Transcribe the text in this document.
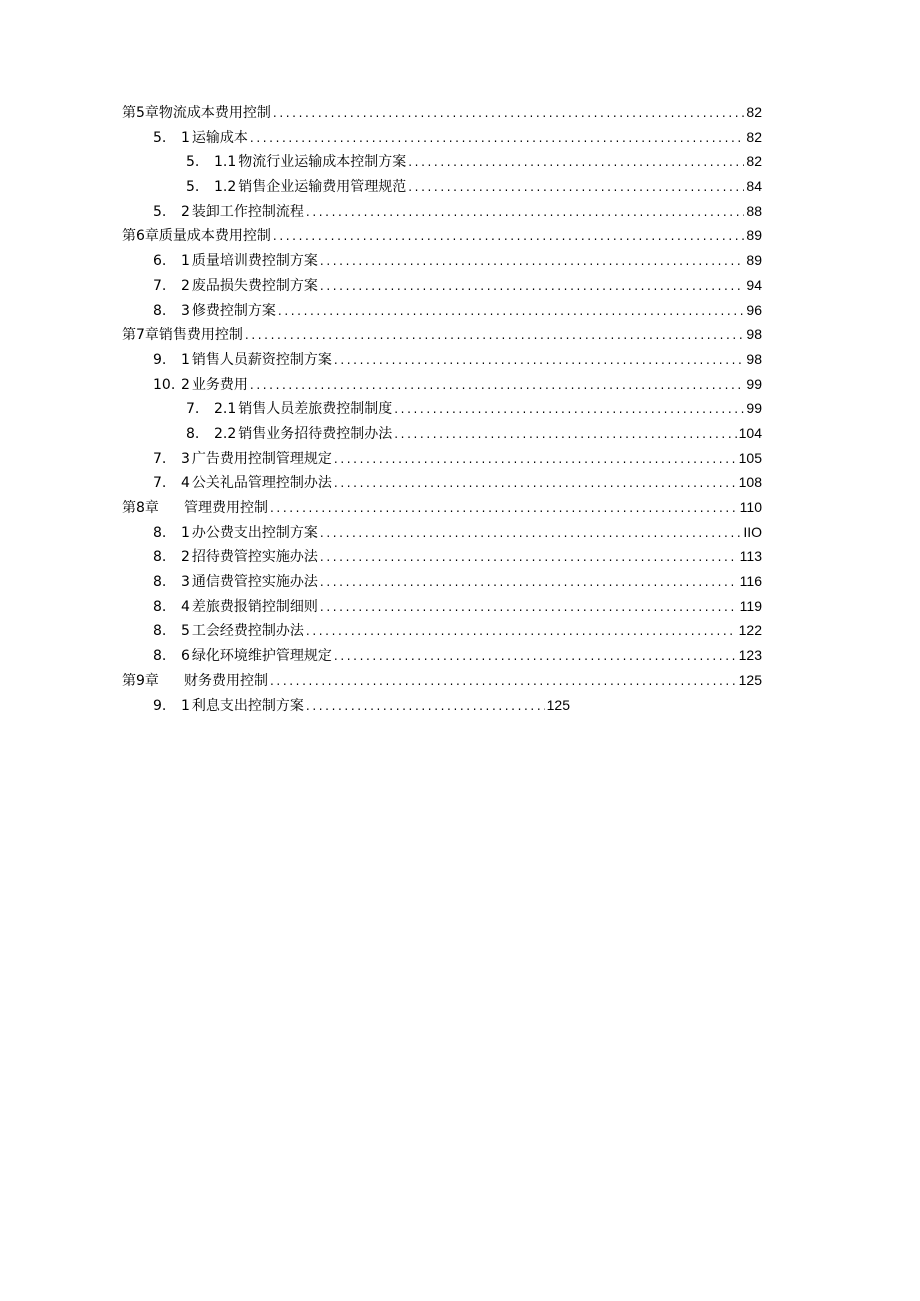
第5章物流成本费用控制 .....	82
5. 1 运输成本 .....	82
5. 1.1 物流行业运输成本控制方案 .....	82
5. 1.2 销售企业运输费用管理规范 .....	84
5. 2 装卸工作控制流程 .....	88
第6章质量成本费用控制 .....	89
6. 1 质量培训费控制方案 .....	89
7. 2 废品损失费控制方案 .....	94
8. 3 修费控制方案 .....	96
第7章销售费用控制 .....	98
9. 1 销售人员薪资控制方案 .....	98
10. 2 业务费用 .....	99
7. 2.1 销售人员差旅费控制制度 .....	99
8. 2.2 销售业务招待费控制办法 .....	104
7. 3 广告费用控制管理规定 .....	105
7. 4 公关礼品管理控制办法 .....	108
第8章 管理费用控制 .....	110
8. 1 办公费支出控制方案 .....	IIO
8. 2 招待费管控实施办法 .....	113
8. 3 通信费管控实施办法 .....	116
8. 4 差旅费报销控制细则 .....	119
8. 5 工会经费控制办法 .....	122
8. 6 绿化环境维护管理规定 .....	123
第9章 财务费用控制 .....	125
9. 1 利息支出控制方案 .....	125
